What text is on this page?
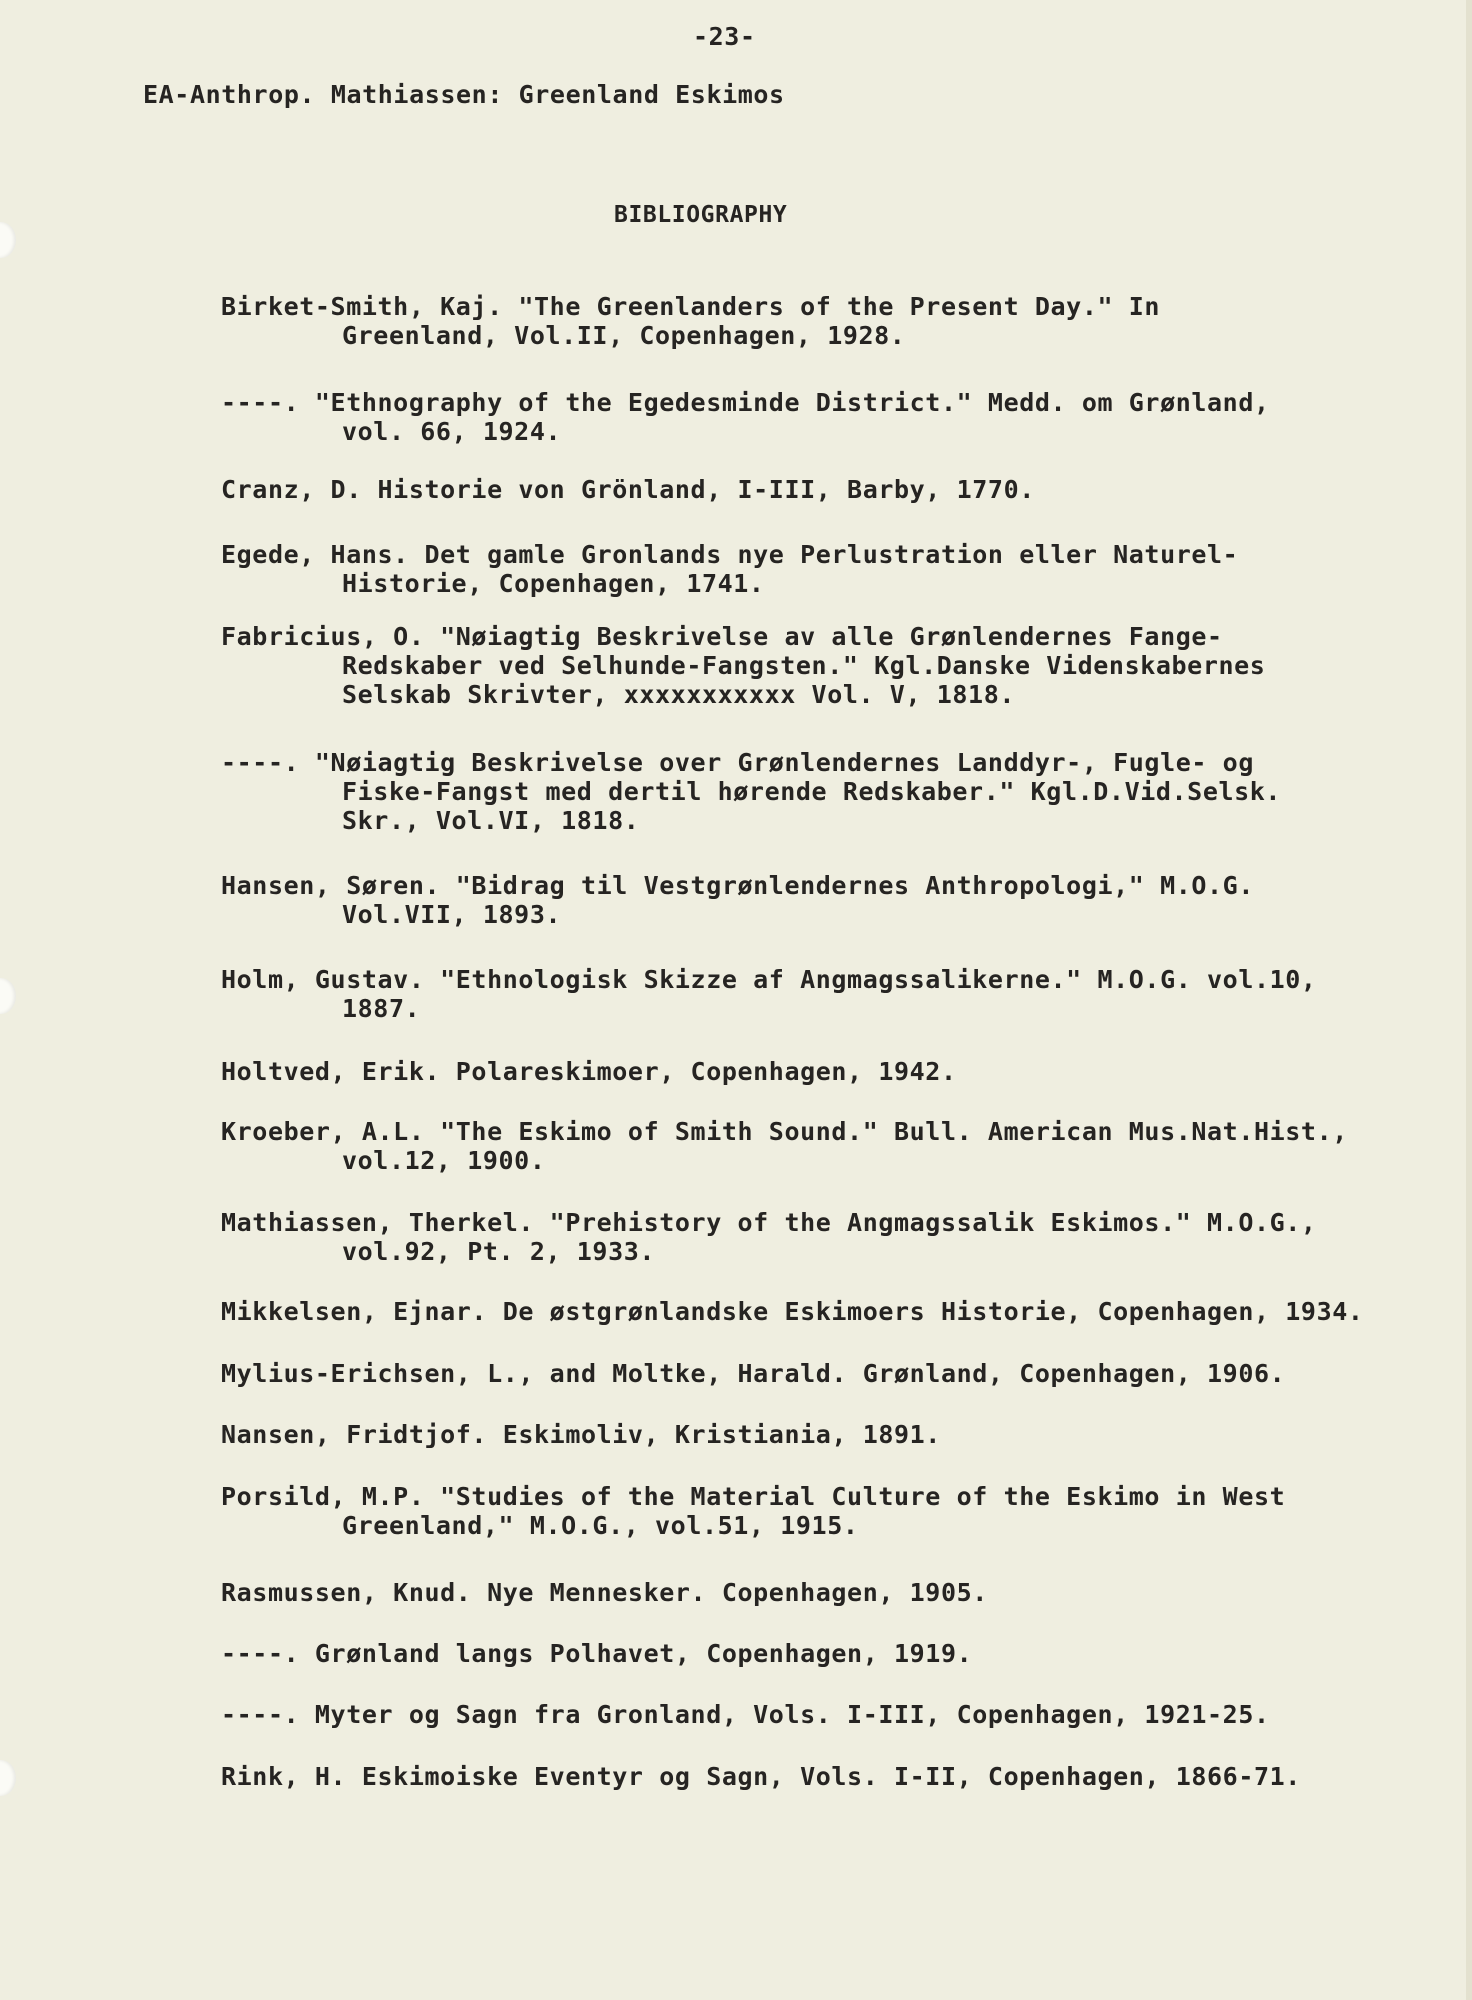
-23-
EA-Anthrop. Mathiassen: Greenland Eskimos
BIBLIOGRAPHY
Birket-Smith, Kaj. "The Greenlanders of the Present Day." In
Greenland, Vol.II, Copenhagen, 1928.
----. "Ethnography of the Egedesminde District." Medd. om Grønland,
vol. 66, 1924.
Cranz, D. Historie von Grönland, I-III, Barby, 1770.
Egede, Hans. Det gamle Gronlands nye Perlustration eller Naturel-
Historie, Copenhagen, 1741.
Fabricius, O. "Nøiagtig Beskrivelse av alle Grønlendernes Fange-
Redskaber ved Selhunde-Fangsten." Kgl.Danske Videnskabernes
Selskab Skrivter, xxxxxxxxxxx Vol. V, 1818.
----. "Nøiagtig Beskrivelse over Grønlendernes Landdyr-, Fugle- og
Fiske-Fangst med dertil hørende Redskaber." Kgl.D.Vid.Selsk.
Skr., Vol.VI, 1818.
Hansen, Søren. "Bidrag til Vestgrønlendernes Anthropologi," M.O.G.
Vol.VII, 1893.
Holm, Gustav. "Ethnologisk Skizze af Angmagssalikerne." M.O.G. vol.10,
1887.
Holtved, Erik. Polareskimoer, Copenhagen, 1942.
Kroeber, A.L. "The Eskimo of Smith Sound." Bull. American Mus.Nat.Hist.,
vol.12, 1900.
Mathiassen, Therkel. "Prehistory of the Angmagssalik Eskimos." M.O.G.,
vol.92, Pt. 2, 1933.
Mikkelsen, Ejnar. De østgrønlandske Eskimoers Historie, Copenhagen, 1934.
Mylius-Erichsen, L., and Moltke, Harald. Grønland, Copenhagen, 1906.
Nansen, Fridtjof. Eskimoliv, Kristiania, 1891.
Porsild, M.P. "Studies of the Material Culture of the Eskimo in West
Greenland," M.O.G., vol.51, 1915.
Rasmussen, Knud. Nye Mennesker. Copenhagen, 1905.
----. Grønland langs Polhavet, Copenhagen, 1919.
----. Myter og Sagn fra Gronland, Vols. I-III, Copenhagen, 1921-25.
Rink, H. Eskimoiske Eventyr og Sagn, Vols. I-II, Copenhagen, 1866-71.
